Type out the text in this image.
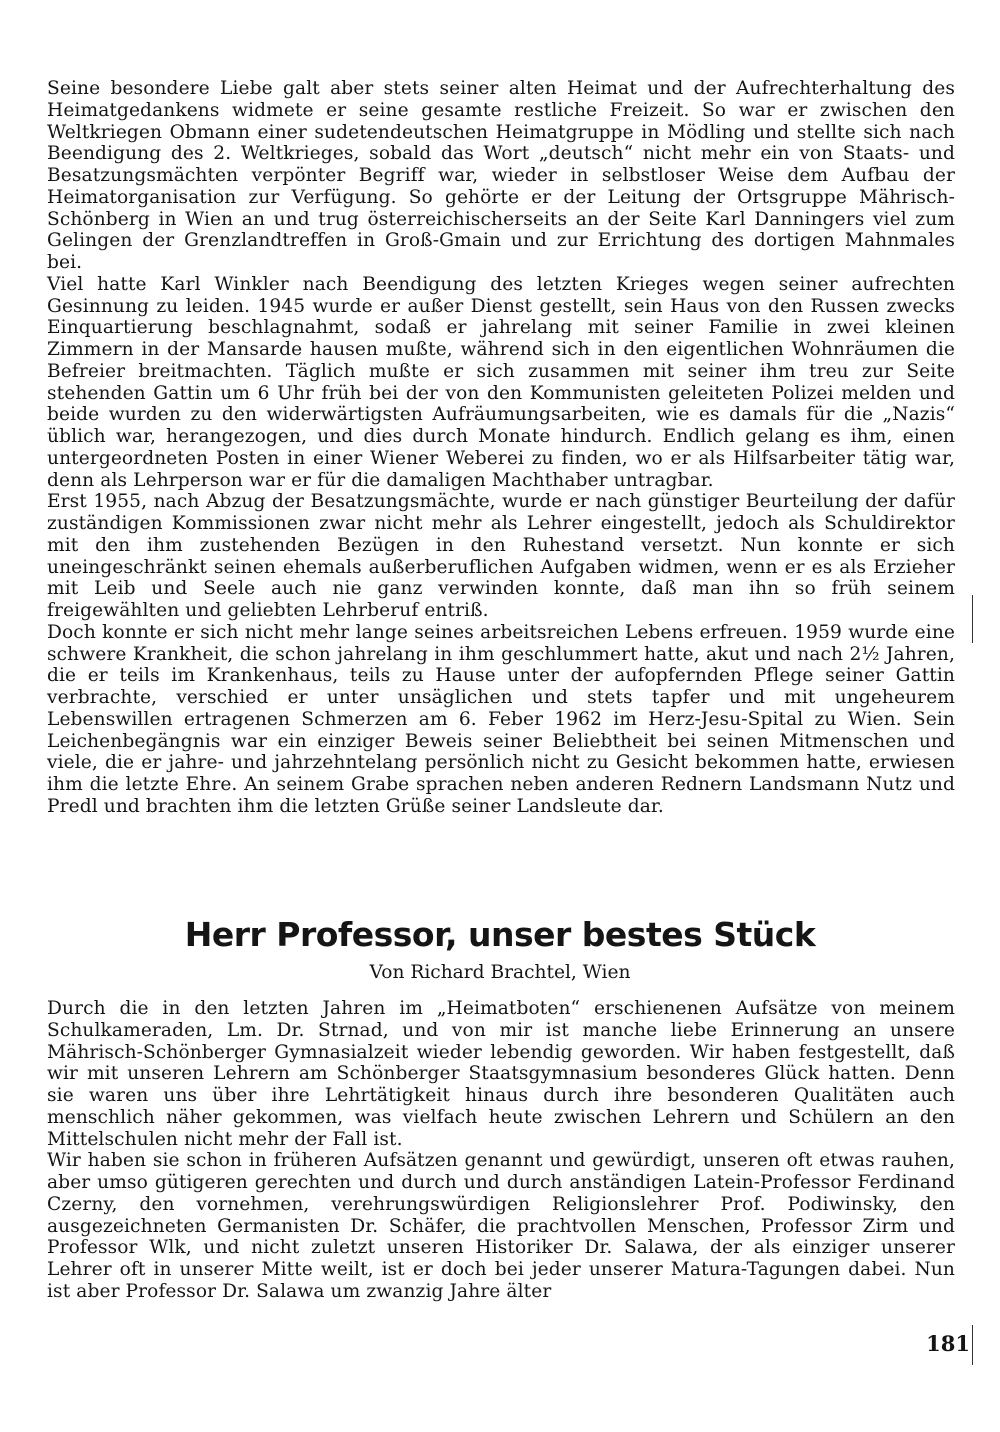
Seine besondere Liebe galt aber stets seiner alten Heimat und der Aufrechterhaltung des Heimatgedankens widmete er seine gesamte restliche Freizeit. So war er zwischen den Weltkriegen Obmann einer sudetendeutschen Heimatgruppe in Mödling und stellte sich nach Beendigung des 2. Weltkrieges, sobald das Wort „deutsch“ nicht mehr ein von Staats- und Besatzungsmächten verpönter Begriff war, wieder in selbstloser Weise dem Aufbau der Heimatorganisation zur Verfügung. So gehörte er der Leitung der Ortsgruppe Mährisch-Schönberg in Wien an und trug österreichischerseits an der Seite Karl Danningers viel zum Gelingen der Grenzlandtreffen in Groß-Gmain und zur Errichtung des dortigen Mahnmales bei.

Viel hatte Karl Winkler nach Beendigung des letzten Krieges wegen seiner aufrechten Gesinnung zu leiden. 1945 wurde er außer Dienst gestellt, sein Haus von den Russen zwecks Einquartierung beschlagnahmt, sodaß er jahrelang mit seiner Familie in zwei kleinen Zimmern in der Mansarde hausen mußte, während sich in den eigentlichen Wohnräumen die Befreier breitmachten. Täglich mußte er sich zusammen mit seiner ihm treu zur Seite stehenden Gattin um 6 Uhr früh bei der von den Kommunisten geleiteten Polizei melden und beide wurden zu den widerwärtigsten Aufräumungsarbeiten, wie es damals für die „Nazis“ üblich war, herangezogen, und dies durch Monate hindurch. Endlich gelang es ihm, einen untergeordneten Posten in einer Wiener Weberei zu finden, wo er als Hilfsarbeiter tätig war, denn als Lehrperson war er für die damaligen Machthaber untragbar.

Erst 1955, nach Abzug der Besatzungsmächte, wurde er nach günstiger Beurteilung der dafür zuständigen Kommissionen zwar nicht mehr als Lehrer eingestellt, jedoch als Schuldirektor mit den ihm zustehenden Bezügen in den Ruhestand versetzt. Nun konnte er sich uneingeschränkt seinen ehemals außerberuflichen Aufgaben widmen, wenn er es als Erzieher mit Leib und Seele auch nie ganz verwinden konnte, daß man ihn so früh seinem freigewählten und geliebten Lehrberuf entriß.

Doch konnte er sich nicht mehr lange seines arbeitsreichen Lebens erfreuen. 1959 wurde eine schwere Krankheit, die schon jahrelang in ihm geschlummert hatte, akut und nach 2½ Jahren, die er teils im Krankenhaus, teils zu Hause unter der aufopfernden Pflege seiner Gattin verbrachte, verschied er unter unsäglichen und stets tapfer und mit ungeheurem Lebenswillen ertragenen Schmerzen am 6. Feber 1962 im Herz-Jesu-Spital zu Wien. Sein Leichenbegängnis war ein einziger Beweis seiner Beliebtheit bei seinen Mitmenschen und viele, die er jahre- und jahrzehntelang persönlich nicht zu Gesicht bekommen hatte, erwiesen ihm die letzte Ehre. An seinem Grabe sprachen neben anderen Rednern Landsmann Nutz und Predl und brachten ihm die letzten Grüße seiner Landsleute dar.

Herr Professor, unser bestes Stück
Von Richard Brachtel, Wien

Durch die in den letzten Jahren im „Heimatboten“ erschienenen Aufsätze von meinem Schulkameraden, Lm. Dr. Strnad, und von mir ist manche liebe Erinnerung an unsere Mährisch-Schönberger Gymnasialzeit wieder lebendig geworden. Wir haben festgestellt, daß wir mit unseren Lehrern am Schönberger Staatsgymnasium besonderes Glück hatten. Denn sie waren uns über ihre Lehrtätigkeit hinaus durch ihre besonderen Qualitäten auch menschlich näher gekommen, was vielfach heute zwischen Lehrern und Schülern an den Mittelschulen nicht mehr der Fall ist.

Wir haben sie schon in früheren Aufsätzen genannt und gewürdigt, unseren oft etwas rauhen, aber umso gütigeren gerechten und durch und durch anständigen Latein-Professor Ferdinand Czerny, den vornehmen, verehrungswürdigen Religionslehrer Prof. Podiwinsky, den ausgezeichneten Germanisten Dr. Schäfer, die prachtvollen Menschen, Professor Zirm und Professor Wlk, und nicht zuletzt unseren Historiker Dr. Salawa, der als einziger unserer Lehrer oft in unserer Mitte weilt, ist er doch bei jeder unserer Matura-Tagungen dabei. Nun ist aber Professor Dr. Salawa um zwanzig Jahre älter

181
